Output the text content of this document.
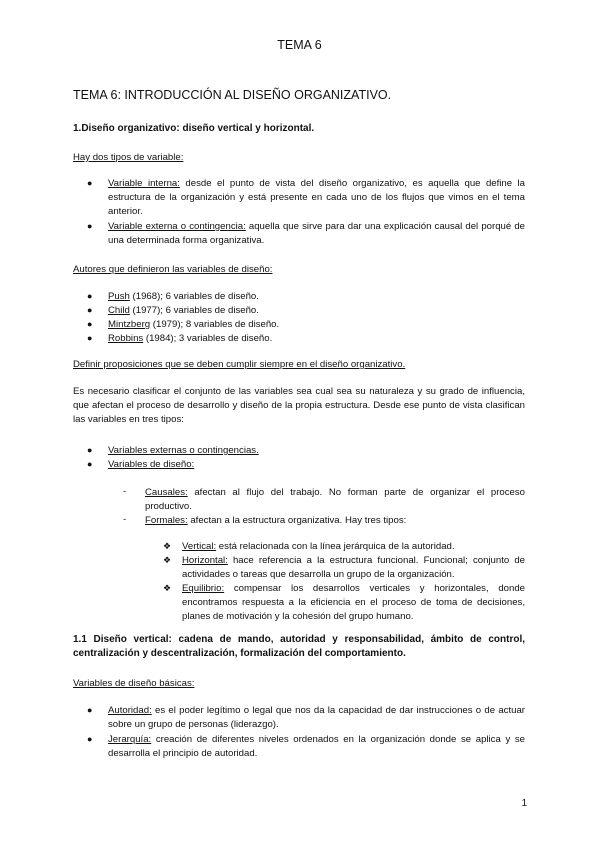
TEMA 6
TEMA 6: INTRODUCCIÓN AL DISEÑO ORGANIZATIVO.
1.Diseño organizativo: diseño vertical y horizontal.
Hay dos tipos de variable:
● Variable interna: desde el punto de vista del diseño organizativo, es aquella que define la estructura de la organización y está presente en cada uno de los flujos que vimos en el tema anterior.
● Variable externa o contingencia: aquella que sirve para dar una explicación causal del porqué de una determinada forma organizativa.
Autores que definieron las variables de diseño:
● Push (1968); 6 variables de diseño.
● Child (1977); 6 variables de diseño.
● Mintzberg (1979); 8 variables de diseño.
● Robbins (1984); 3 variables de diseño.
Definir proposiciones que se deben cumplir siempre en el diseño organizativo.
Es necesario clasificar el conjunto de las variables sea cual sea su naturaleza y su grado de influencia, que afectan el proceso de desarrollo y diseño de la propia estructura. Desde ese punto de vista clasifican las variables en tres tipos:
● Variables externas o contingencias.
● Variables de diseño:
- Causales: afectan al flujo del trabajo. No forman parte de organizar el proceso productivo.
- Formales: afectan a la estructura organizativa. Hay tres tipos:
❖ Vertical: está relacionada con la línea jerárquica de la autoridad.
❖ Horizontal: hace referencia a la estructura funcional. Funcional; conjunto de actividades o tareas que desarrolla un grupo de la organización.
❖ Equilibrio: compensar los desarrollos verticales y horizontales, donde encontramos respuesta a la eficiencia en el proceso de toma de decisiones, planes de motivación y la cohesión del grupo humano.
1.1 Diseño vertical: cadena de mando, autoridad y responsabilidad, ámbito de control, centralización y descentralización, formalización del comportamiento.
Variables de diseño básicas:
● Autoridad: es el poder legítimo o legal que nos da la capacidad de dar instrucciones o de actuar sobre un grupo de personas (liderazgo).
● Jerarquía: creación de diferentes niveles ordenados en la organización donde se aplica y se desarrolla el principio de autoridad.
1
